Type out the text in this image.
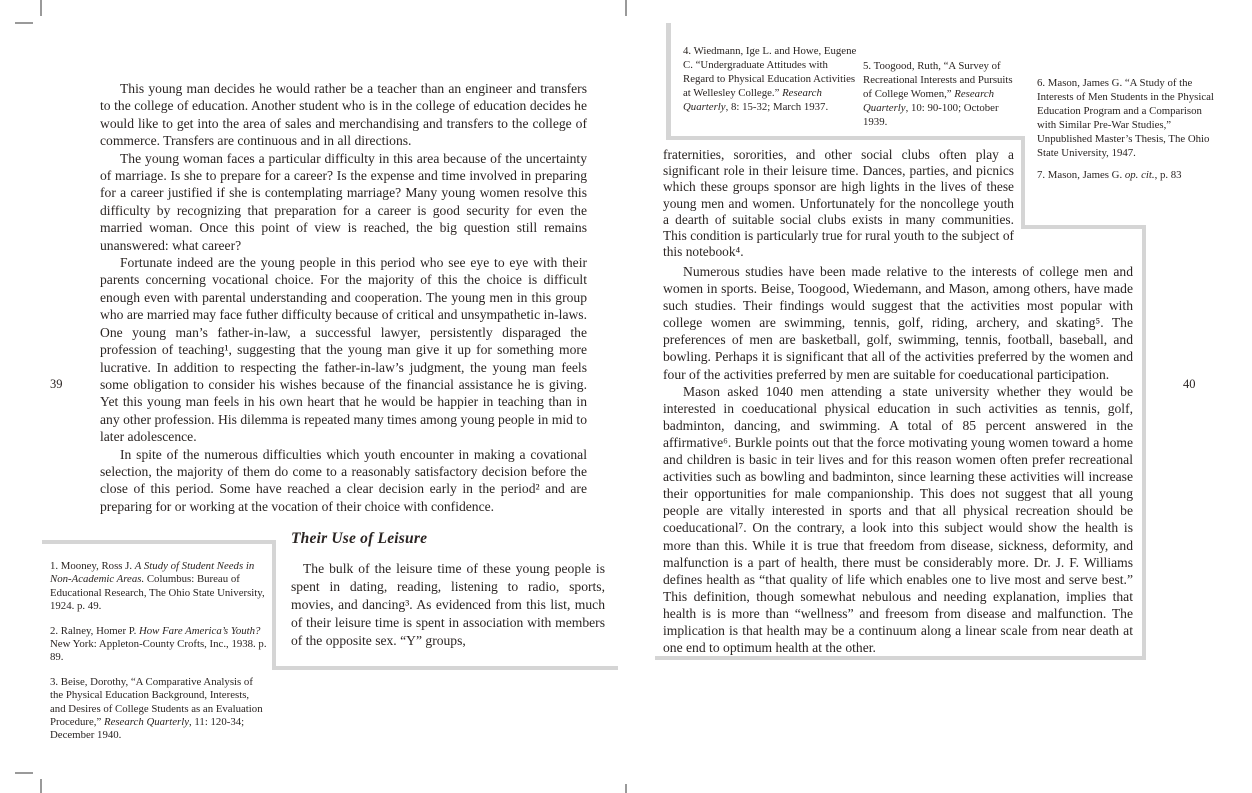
39

This young man decides he would rather be a teacher than an engineer and transfers to the college of education. Another student who is in the college of education decides he would like to get into the area of sales and merchandising and transfers to the college of commerce. Transfers are continuous and in all directions.

The young woman faces a particular difficulty in this area because of the uncertainty of marriage. Is she to prepare for a career? Is the expense and time involved in preparing for a career justified if she is contemplating marriage? Many young women resolve this difficulty by recognizing that preparation for a career is good security for even the married woman. Once this point of view is reached, the big question still remains unanswered: what career?

Fortunate indeed are the young people in this period who see eye to eye with their parents concerning vocational choice. For the majority of this the choice is difficult enough even with parental understanding and cooperation. The young men in this group who are married may face futher difficulty because of critical and unsympathetic in-laws. One young man’s father-in-law, a successful lawyer, persistently disparaged the profession of teaching¹, suggesting that the young man give it up for something more lucrative. In addition to respecting the father-in-law’s judgment, the young man feels some obligation to consider his wishes because of the financial assistance he is giving. Yet this young man feels in his own heart that he would be happier in teaching than in any other profession. His dilemma is repeated many times among young people in mid to later adolescence.

In spite of the numerous difficulties which youth encounter in making a covational selection, the majority of them do come to a reasonably satisfactory decision before the close of this period. Some have reached a clear decision early in the period² and are preparing for or working at the vocation of their choice with confidence.

Their Use of Leisure
The bulk of the leisure time of these young people is spent in dating, reading, listening to radio, sports, movies, and dancing³. As evidenced from this list, much of their leisure time is spent in association with members of the opposite sex. “Y” groups,
1. Mooney, Ross J. A Study of Student Needs in Non-Academic Areas. Columbus: Bureau of Educational Research, The Ohio State University, 1924. p. 49.
2. Ralney, Homer P. How Fare America’s Youth? New York: Appleton-County Crofts, Inc., 1938. p. 89.
3. Beise, Dorothy, “A Comparative Analysis of the Physical Education Background, Interests, and Desires of College Students as an Evaluation Procedure,” Research Quarterly, 11: 120-34; December 1940.
40
4. Wiedmann, Ige L. and Howe, Eugene C. “Undergraduate Attitudes with Regard to Physical Education Activities at Wellesley College.” Research Quarterly, 8: 15-32; March 1937.
5. Toogood, Ruth, “A Survey of Recreational Interests and Pursuits of College Women,” Research Quarterly, 10: 90-100; October 1939.
6. Mason, James G. “A Study of the Interests of Men Students in the Physical Education Program and a Comparison with Similar Pre-War Studies,” Unpublished Master’s Thesis, The Ohio State University, 1947.
7. Mason, James G. op. cit., p. 83

fraternities, sororities, and other social clubs often play a significant role in their leisure time. Dances, parties, and picnics which these groups sponsor are high lights in the lives of these young men and women. Unfortunately for the noncollege youth a dearth of suitable social clubs exists in many communities. This condition is particularly true for rural youth to the subject of this notebook⁴.

Numerous studies have been made relative to the interests of college men and women in sports. Beise, Toogood, Wiedemann, and Mason, among others, have made such studies. Their findings would suggest that the activities most popular with college women are swimming, tennis, golf, riding, archery, and skating⁵. The preferences of men are basketball, golf, swimming, tennis, football, baseball, and bowling. Perhaps it is significant that all of the activities preferred by the women and four of the activities preferred by men are suitable for coeducational participation.

Mason asked 1040 men attending a state university whether they would be interested in coeducational physical education in such activities as tennis, golf, badminton, dancing, and swimming. A total of 85 percent answered in the affirmative⁶. Burkle points out that the force motivating young women toward a home and children is basic in teir lives and for this reason women often prefer recreational activities such as bowling and badminton, since learning these activities will increase their opportunities for male companionship. This does not suggest that all young people are vitally interested in sports and that all physical recreation should be coeducational⁷. On the contrary, a look into this subject would show the health is more than this. While it is true that freedom from disease, sickness, deformity, and malfunction is a part of health, there must be considerably more. Dr. J. F. Williams defines health as “that quality of life which enables one to live most and serve best.” This definition, though somewhat nebulous and needing explanation, implies that health is is more than “wellness” and freesom from disease and malfunction. The implication is that health may be a continuum along a linear scale from near death at one end to optimum health at the other.
